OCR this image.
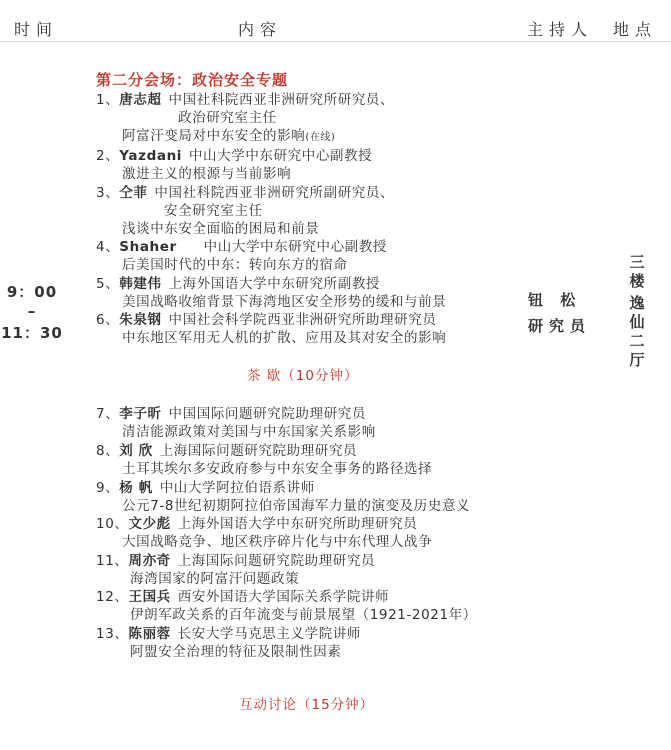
时间	内容	主持人 地点
第二分会场：政治安全专题
1、唐志超 中国社科院西亚非洲研究所研究员、
政治研究室主任
阿富汗变局对中东安全的影响(在线)
2、Yazdani 中山大学中东研究中心副教授
激进主义的根源与当前影响
3、仝菲 中国社科院西亚非洲研究所副研究员、
安全研究室主任
浅谈中东安全面临的困局和前景
4、Shaher 中山大学中东研究中心副教授
后美国时代的中东：转向东方的宿命
5、韩建伟 上海外国语大学中东研究所副教授
美国战略收缩背景下海湾地区安全形势的缓和与前景
6、朱泉钢 中国社会科学院西亚非洲研究所助理研究员
中东地区军用无人机的扩散、应用及其对安全的影响
9：00
–
11：30
钮 松
研究员
三楼
逸仙二厅
茶 歇（10分钟）
7、李子昕 中国国际问题研究院助理研究员
清洁能源政策对美国与中东国家关系影响
8、刘 欣 上海国际问题研究院助理研究员
土耳其埃尔多安政府参与中东安全事务的路径选择
9、杨 帆 中山大学阿拉伯语系讲师
公元7-8世纪初期阿拉伯帝国海军力量的演变及历史意义
10、文少彪 上海外国语大学中东研究所助理研究员
大国战略竞争、地区秩序碎片化与中东代理人战争
11、周亦奇 上海国际问题研究院助理研究员
海湾国家的阿富汗问题政策
12、王国兵 西安外国语大学国际关系学院讲师
伊朗军政关系的百年流变与前景展望（1921-2021年）
13、陈丽蓉 长安大学马克思主义学院讲师
阿盟安全治理的特征及限制性因素
互动讨论（15分钟）
